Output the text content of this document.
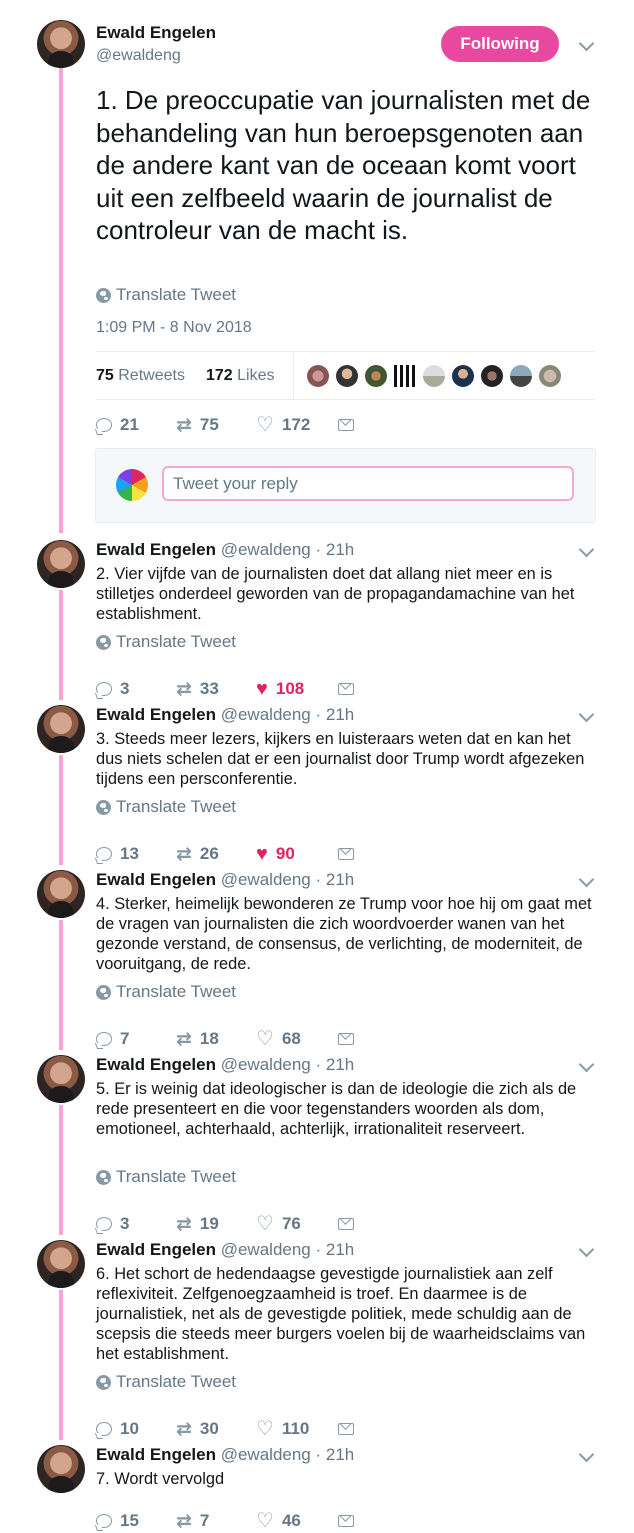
Ewald Engelen
@ewaldeng
Following
1. De preoccupatie van journalisten met de behandeling van hun beroepsgenoten aan de andere kant van de oceaan komt voort uit een zelfbeeld waarin de journalist de controleur van de macht is.
Translate Tweet
1:09 PM - 8 Nov 2018
75 Retweets 172 Likes
21 ⇄ 75 ♡ 172
Tweet your reply
Ewald Engelen @ewaldeng · 21h
2. Vier vijfde van de journalisten doet dat allang niet meer en is stilletjes onderdeel geworden van de propagandamachine van het establishment.
Translate Tweet
3 ⇄ 33 ♥ 108
Ewald Engelen @ewaldeng · 21h
3. Steeds meer lezers, kijkers en luisteraars weten dat en kan het dus niets schelen dat er een journalist door Trump wordt afgezeken tijdens een persconferentie.
Translate Tweet
13 ⇄ 26 ♥ 90
Ewald Engelen @ewaldeng · 21h
4. Sterker, heimelijk bewonderen ze Trump voor hoe hij om gaat met de vragen van journalisten die zich woordvoerder wanen van het gezonde verstand, de consensus, de verlichting, de moderniteit, de vooruitgang, de rede.
Translate Tweet
7 ⇄ 18 ♡ 68
Ewald Engelen @ewaldeng · 21h
5. Er is weinig dat ideologischer is dan de ideologie die zich als de rede presenteert en die voor tegenstanders woorden als dom, emotioneel, achterhaald, achterlijk, irrationaliteit reserveert.
Translate Tweet
3 ⇄ 19 ♡ 76
Ewald Engelen @ewaldeng · 21h
6. Het schort de hedendaagse gevestigde journalistiek aan zelf reflexiviteit. Zelfgenoegzaamheid is troef. En daarmee is de journalistiek, net als de gevestigde politiek, mede schuldig aan de scepsis die steeds meer burgers voelen bij de waarheidsclaims van het establishment.
Translate Tweet
10 ⇄ 30 ♡ 110
Ewald Engelen @ewaldeng · 21h
7. Wordt vervolgd
15 ⇄ 7 ♡ 46
